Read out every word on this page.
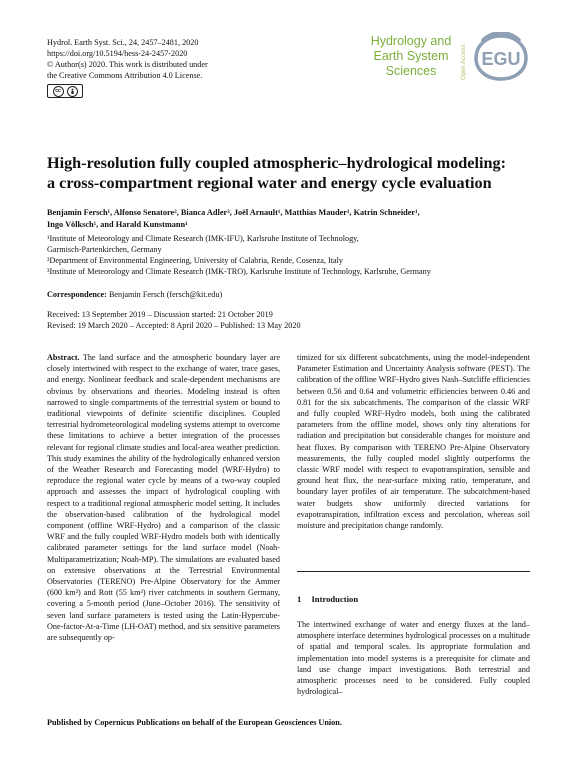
Hydrol. Earth Syst. Sci., 24, 2457–2481, 2020
https://doi.org/10.5194/hess-24-2457-2020
© Author(s) 2020. This work is distributed under
the Creative Commons Attribution 4.0 License.
cc
Hydrology and
Earth System
Sciences	Open Access EGU
High-resolution fully coupled atmospheric–hydrological modeling:
a cross-compartment regional water and energy cycle evaluation
Benjamin Fersch¹, Alfonso Senatore², Bianca Adler³, Joël Arnault¹, Matthias Mauder¹, Katrin Schneider¹,
Ingo Völksch¹, and Harald Kunstmann¹
¹Institute of Meteorology and Climate Research (IMK-IFU), Karlsruhe Institute of Technology,
Garmisch-Partenkirchen, Germany
²Department of Environmental Engineering, University of Calabria, Rende, Cosenza, Italy
³Institute of Meteorology and Climate Research (IMK-TRO), Karlsruhe Institute of Technology, Karlsruhe, Germany
Correspondence: Benjamin Fersch (fersch@kit.edu)
Received: 13 September 2019 – Discussion started: 21 October 2019
Revised: 19 March 2020 – Accepted: 8 April 2020 – Published: 13 May 2020
Abstract. The land surface and the atmospheric boundary layer are closely intertwined with respect to the exchange of water, trace gases, and energy. Nonlinear feedback and scale-dependent mechanisms are obvious by observations and theories. Modeling instead is often narrowed to single compartments of the terrestrial system or bound to traditional viewpoints of definite scientific disciplines. Coupled terrestrial hydrometeorological modeling systems attempt to overcome these limitations to achieve a better integration of the processes relevant for regional climate studies and local-area weather prediction. This study examines the ability of the hydrologically enhanced version of the Weather Research and Forecasting model (WRF-Hydro) to reproduce the regional water cycle by means of a two-way coupled approach and assesses the impact of hydrological coupling with respect to a traditional regional atmospheric model setting. It includes the observation-based calibration of the hydrological model component (offline WRF-Hydro) and a comparison of the classic WRF and the fully coupled WRF-Hydro models both with identically calibrated parameter settings for the land surface model (Noah-Multiparametrization; Noah-MP). The simulations are evaluated based on extensive observations at the Terrestrial Environmental Observatories (TERENO) Pre-Alpine Observatory for the Ammer (600 km²) and Rott (55 km²) river catchments in southern Germany, covering a 5-month period (June–October 2016). The sensitivity of seven land surface parameters is tested using the Latin-Hypercube-One-factor-At-a-Time (LH-OAT) method, and six sensitive parameters are subsequently op-
timized for six different subcatchments, using the model-independent Parameter Estimation and Uncertainty Analysis software (PEST). The calibration of the offline WRF-Hydro gives Nash–Sutcliffe efficiencies between 0.56 and 0.64 and volumetric efficiencies between 0.46 and 0.81 for the six subcatchments. The comparison of the classic WRF and fully coupled WRF-Hydro models, both using the calibrated parameters from the offline model, shows only tiny alterations for radiation and precipitation but considerable changes for moisture and heat fluxes. By comparison with TERENO Pre-Alpine Observatory measurements, the fully coupled model slightly outperforms the classic WRF model with respect to evapotranspiration, sensible and ground heat flux, the near-surface mixing ratio, temperature, and boundary layer profiles of air temperature. The subcatchment-based water budgets show uniformly directed variations for evapotranspiration, infiltration excess and percolation, whereas soil moisture and precipitation change randomly.
1 Introduction
The intertwined exchange of water and energy fluxes at the land–atmosphere interface determines hydrological processes on a multitude of spatial and temporal scales. Its appropriate formulation and implementation into model systems is a prerequisite for climate and land use change impact investigations. Both terrestrial and atmospheric processes need to be considered. Fully coupled hydrological–
Published by Copernicus Publications on behalf of the European Geosciences Union.
